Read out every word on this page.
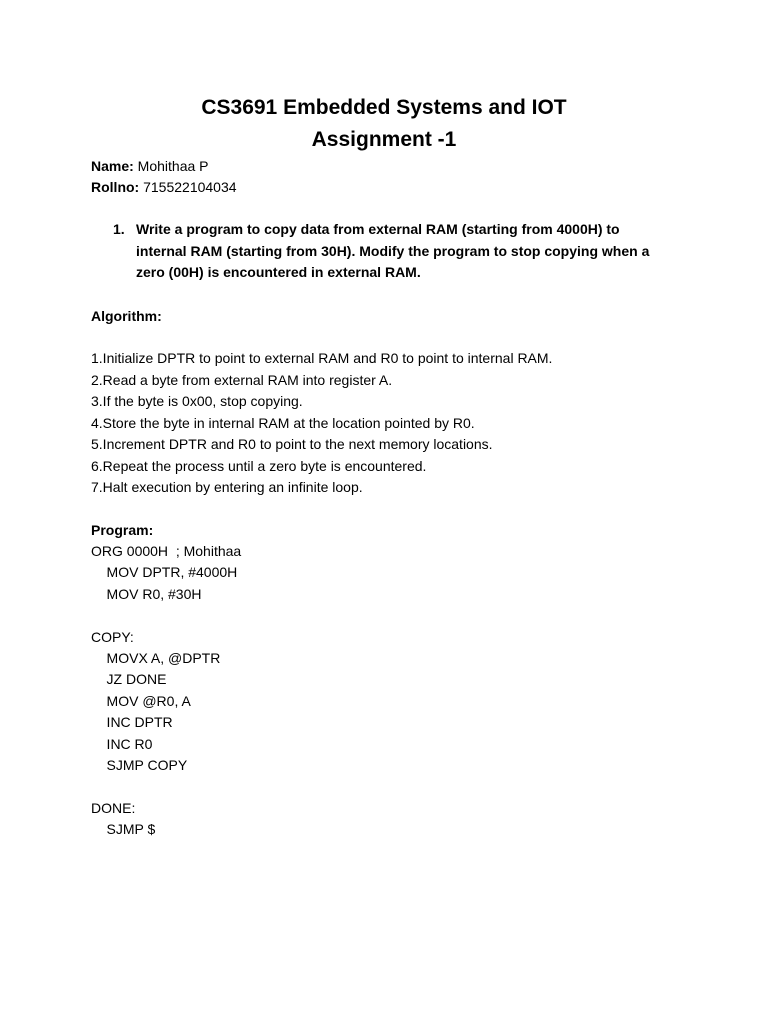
CS3691 Embedded Systems and IOT
Assignment -1
Name: Mohithaa P
Rollno: 715522104034
1. Write a program to copy data from external RAM (starting from 4000H) to internal RAM (starting from 30H). Modify the program to stop copying when a zero (00H) is encountered in external RAM.
Algorithm:
1.Initialize DPTR to point to external RAM and R0 to point to internal RAM.
2.Read a byte from external RAM into register A.
3.If the byte is 0x00, stop copying.
4.Store the byte in internal RAM at the location pointed by R0.
5.Increment DPTR and R0 to point to the next memory locations.
6.Repeat the process until a zero byte is encountered.
7.Halt execution by entering an infinite loop.
Program:
ORG 0000H  ; Mohithaa
MOV DPTR, #4000H
MOV R0, #30H
COPY:
MOVX A, @DPTR
JZ DONE
MOV @R0, A
INC DPTR
INC R0
SJMP COPY
DONE:
SJMP $
